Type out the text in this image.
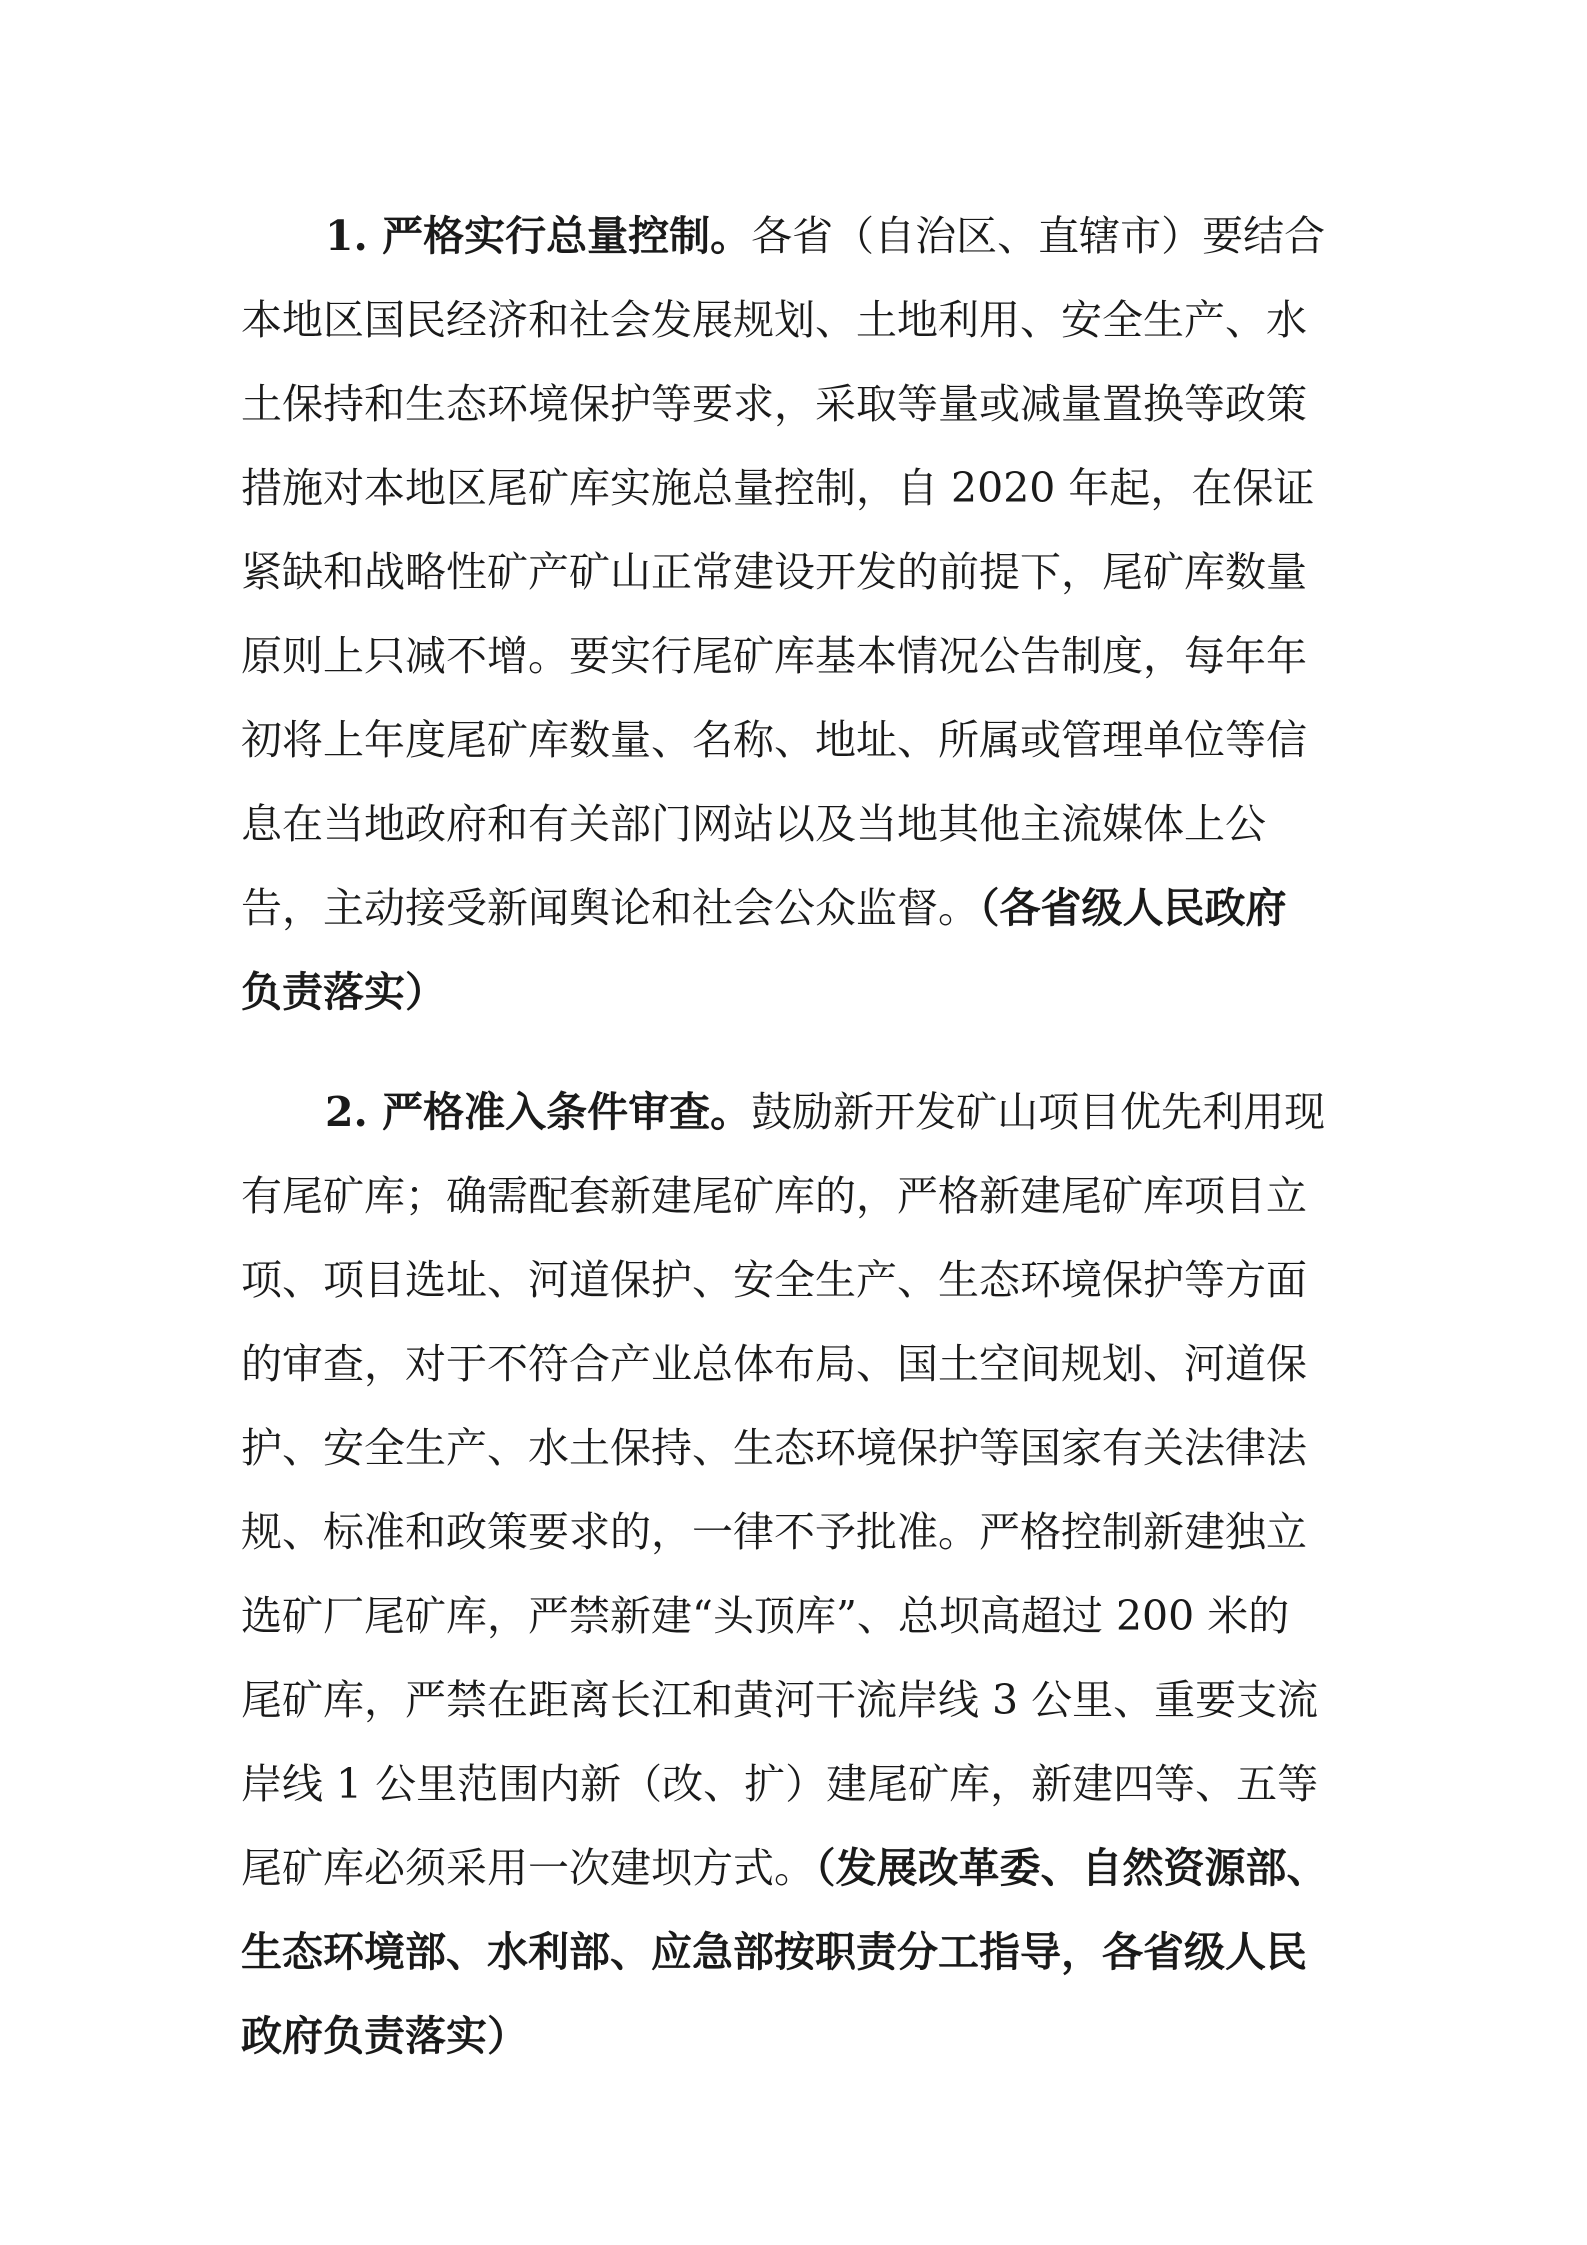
1. 严格实行总量控制。各省（自治区、直辖市）要结合

本地区国民经济和社会发展规划、土地利用、安全生产、水

土保持和生态环境保护等要求，采取等量或减量置换等政策

措施对本地区尾矿库实施总量控制，自 2020 年起，在保证

紧缺和战略性矿产矿山正常建设开发的前提下，尾矿库数量

原则上只减不增。要实行尾矿库基本情况公告制度，每年年

初将上年度尾矿库数量、名称、地址、所属或管理单位等信

息在当地政府和有关部门网站以及当地其他主流媒体上公

告，主动接受新闻舆论和社会公众监督。（各省级人民政府

负责落实）

2. 严格准入条件审查。鼓励新开发矿山项目优先利用现

有尾矿库；确需配套新建尾矿库的，严格新建尾矿库项目立

项、项目选址、河道保护、安全生产、生态环境保护等方面

的审查，对于不符合产业总体布局、国土空间规划、河道保

护、安全生产、水土保持、生态环境保护等国家有关法律法

规、标准和政策要求的，一律不予批准。严格控制新建独立

选矿厂尾矿库，严禁新建“头顶库”、总坝高超过 200 米的

尾矿库，严禁在距离长江和黄河干流岸线 3 公里、重要支流

岸线 1 公里范围内新（改、扩）建尾矿库，新建四等、五等

尾矿库必须采用一次建坝方式。（发展改革委、自然资源部、

生态环境部、水利部、应急部按职责分工指导，各省级人民

政府负责落实）
